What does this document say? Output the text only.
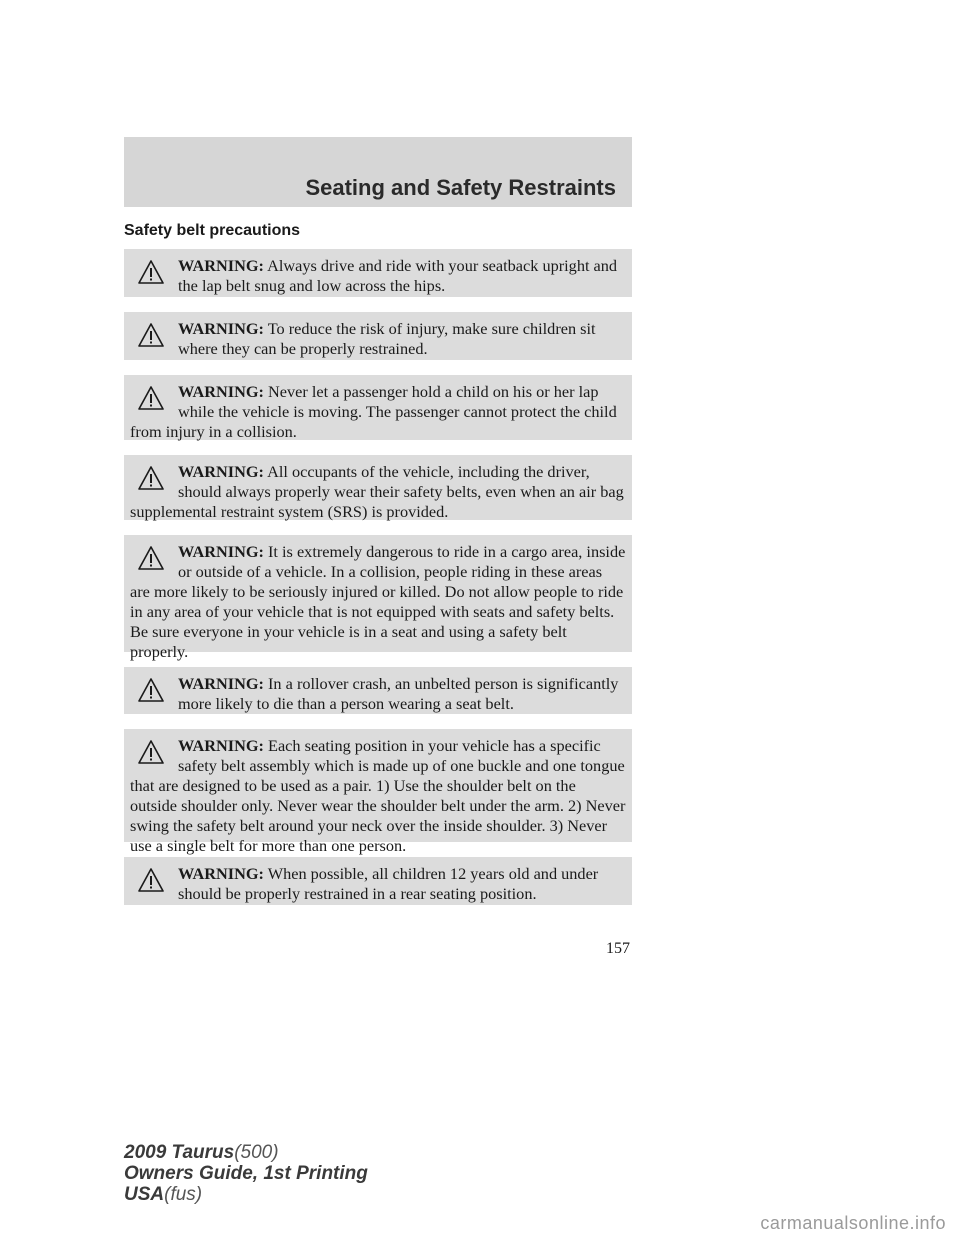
Seating and Safety Restraints
Safety belt precautions
WARNING: Always drive and ride with your seatback upright and the lap belt snug and low across the hips.
WARNING: To reduce the risk of injury, make sure children sit where they can be properly restrained.
WARNING: Never let a passenger hold a child on his or her lap while the vehicle is moving. The passenger cannot protect the child from injury in a collision.
WARNING: All occupants of the vehicle, including the driver, should always properly wear their safety belts, even when an air bag supplemental restraint system (SRS) is provided.
WARNING: It is extremely dangerous to ride in a cargo area, inside or outside of a vehicle. In a collision, people riding in these areas are more likely to be seriously injured or killed. Do not allow people to ride in any area of your vehicle that is not equipped with seats and safety belts. Be sure everyone in your vehicle is in a seat and using a safety belt properly.
WARNING: In a rollover crash, an unbelted person is significantly more likely to die than a person wearing a seat belt.
WARNING: Each seating position in your vehicle has a specific safety belt assembly which is made up of one buckle and one tongue that are designed to be used as a pair. 1) Use the shoulder belt on the outside shoulder only. Never wear the shoulder belt under the arm. 2) Never swing the safety belt around your neck over the inside shoulder. 3) Never use a single belt for more than one person.
WARNING: When possible, all children 12 years old and under should be properly restrained in a rear seating position.
157
2009 Taurus(500)
Owners Guide, 1st Printing
USA(fus)
carmanualsonline.info
